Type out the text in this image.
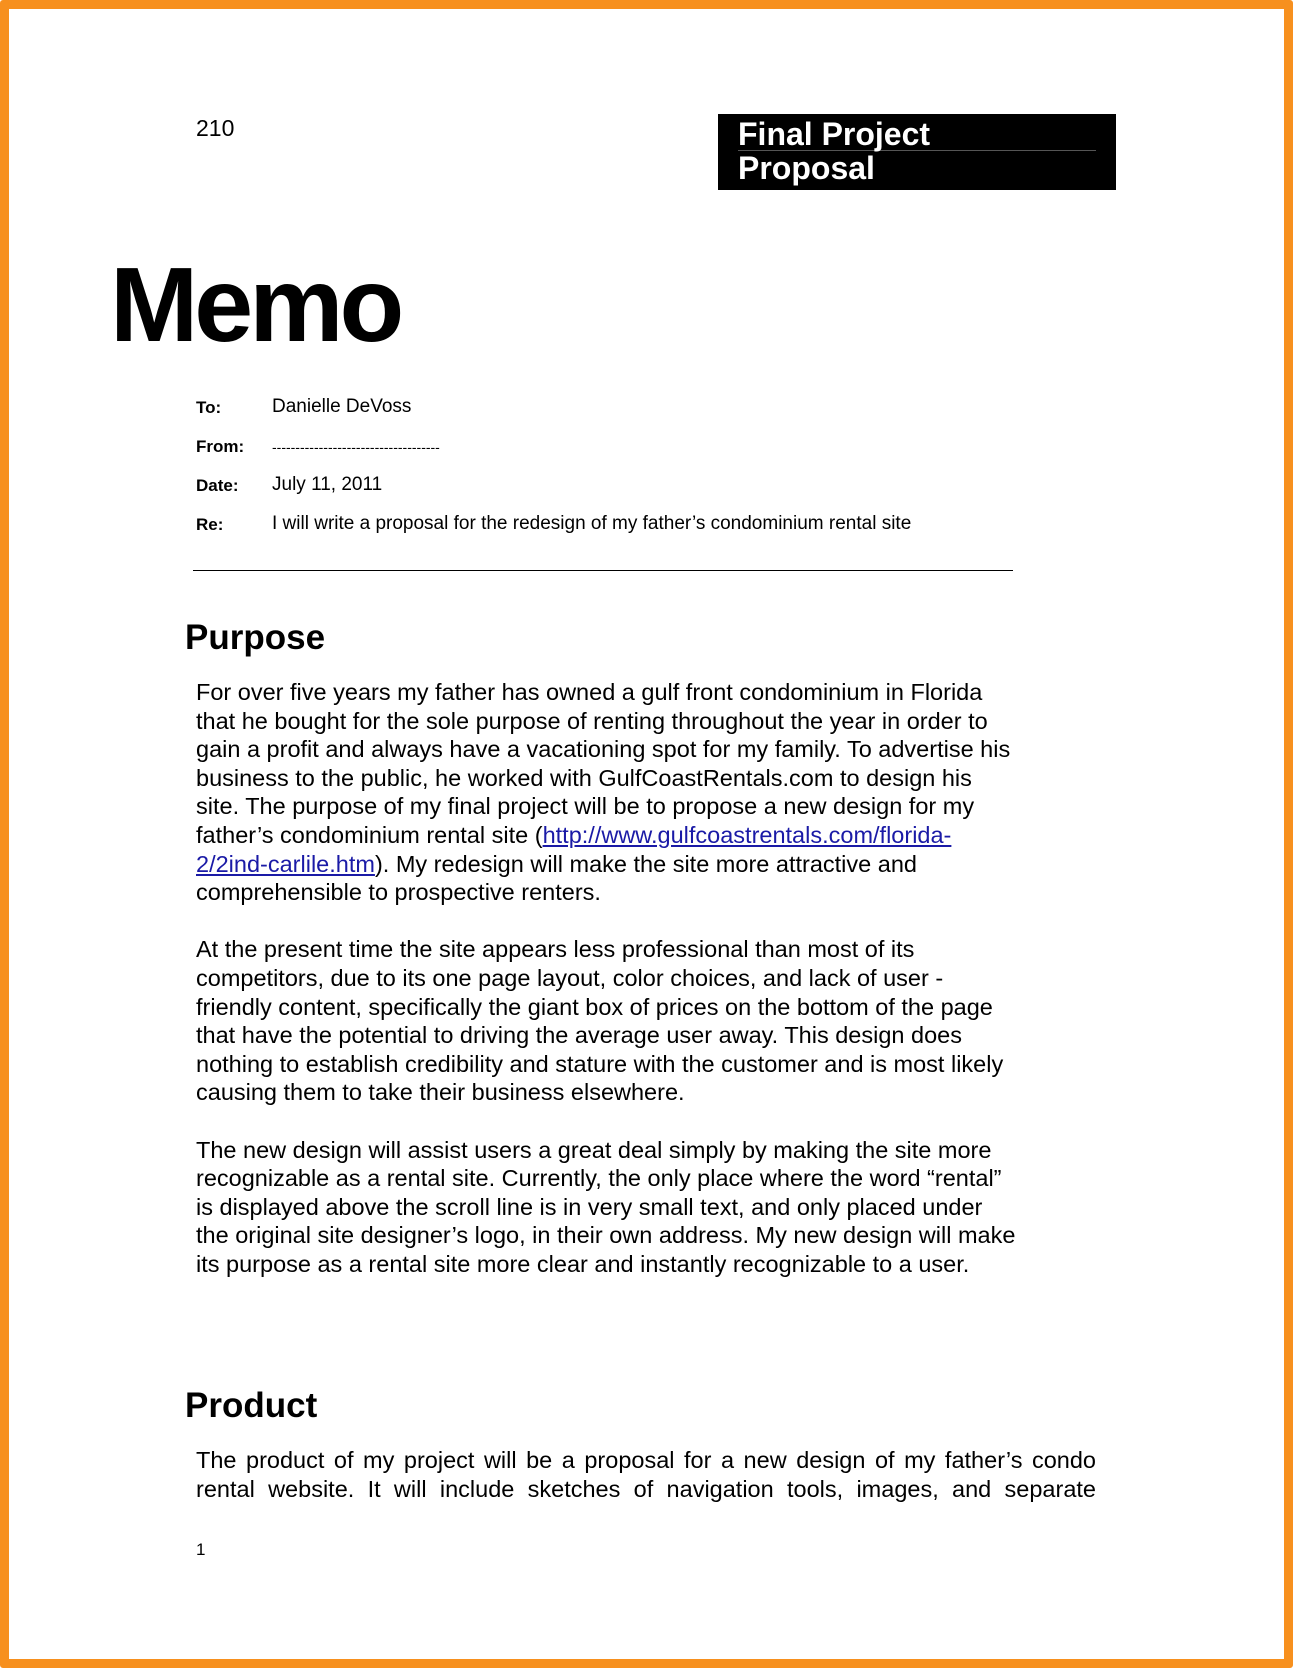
210	Final Project
Proposal
Memo
To:	Danielle DeVoss
From: ------------------------------------
Date: July 11, 2011
Re:	I will write a proposal for the redesign of my father’s condominium rental site
Purpose

For over five years my father has owned a gulf front condominium in Florida that he bought for the sole purpose of renting throughout the year in order to gain a profit and always have a vacationing spot for my family. To advertise his business to the public, he worked with GulfCoastRentals.com to design his site. The purpose of my final project will be to propose a new design for my father’s condominium rental site (http://www.gulfcoastrentals.com/florida-2/2ind-carlile.htm). My redesign will make the site more attractive and comprehensible to prospective renters.

At the present time the site appears less professional than most of its competitors, due to its one page layout, color choices, and lack of user - friendly content, specifically the giant box of prices on the bottom of the page that have the potential to driving the average user away. This design does nothing to establish credibility and stature with the customer and is most likely causing them to take their business elsewhere.

The new design will assist users a great deal simply by making the site more recognizable as a rental site. Currently, the only place where the word “rental” is displayed above the scroll line is in very small text, and only placed under the original site designer’s logo, in their own address. My new design will make its purpose as a rental site more clear and instantly recognizable to a user.

Product
The product of my project will be a proposal for a new design of my father’s condo
rental website. It will include sketches of navigation tools, images, and separate
1
